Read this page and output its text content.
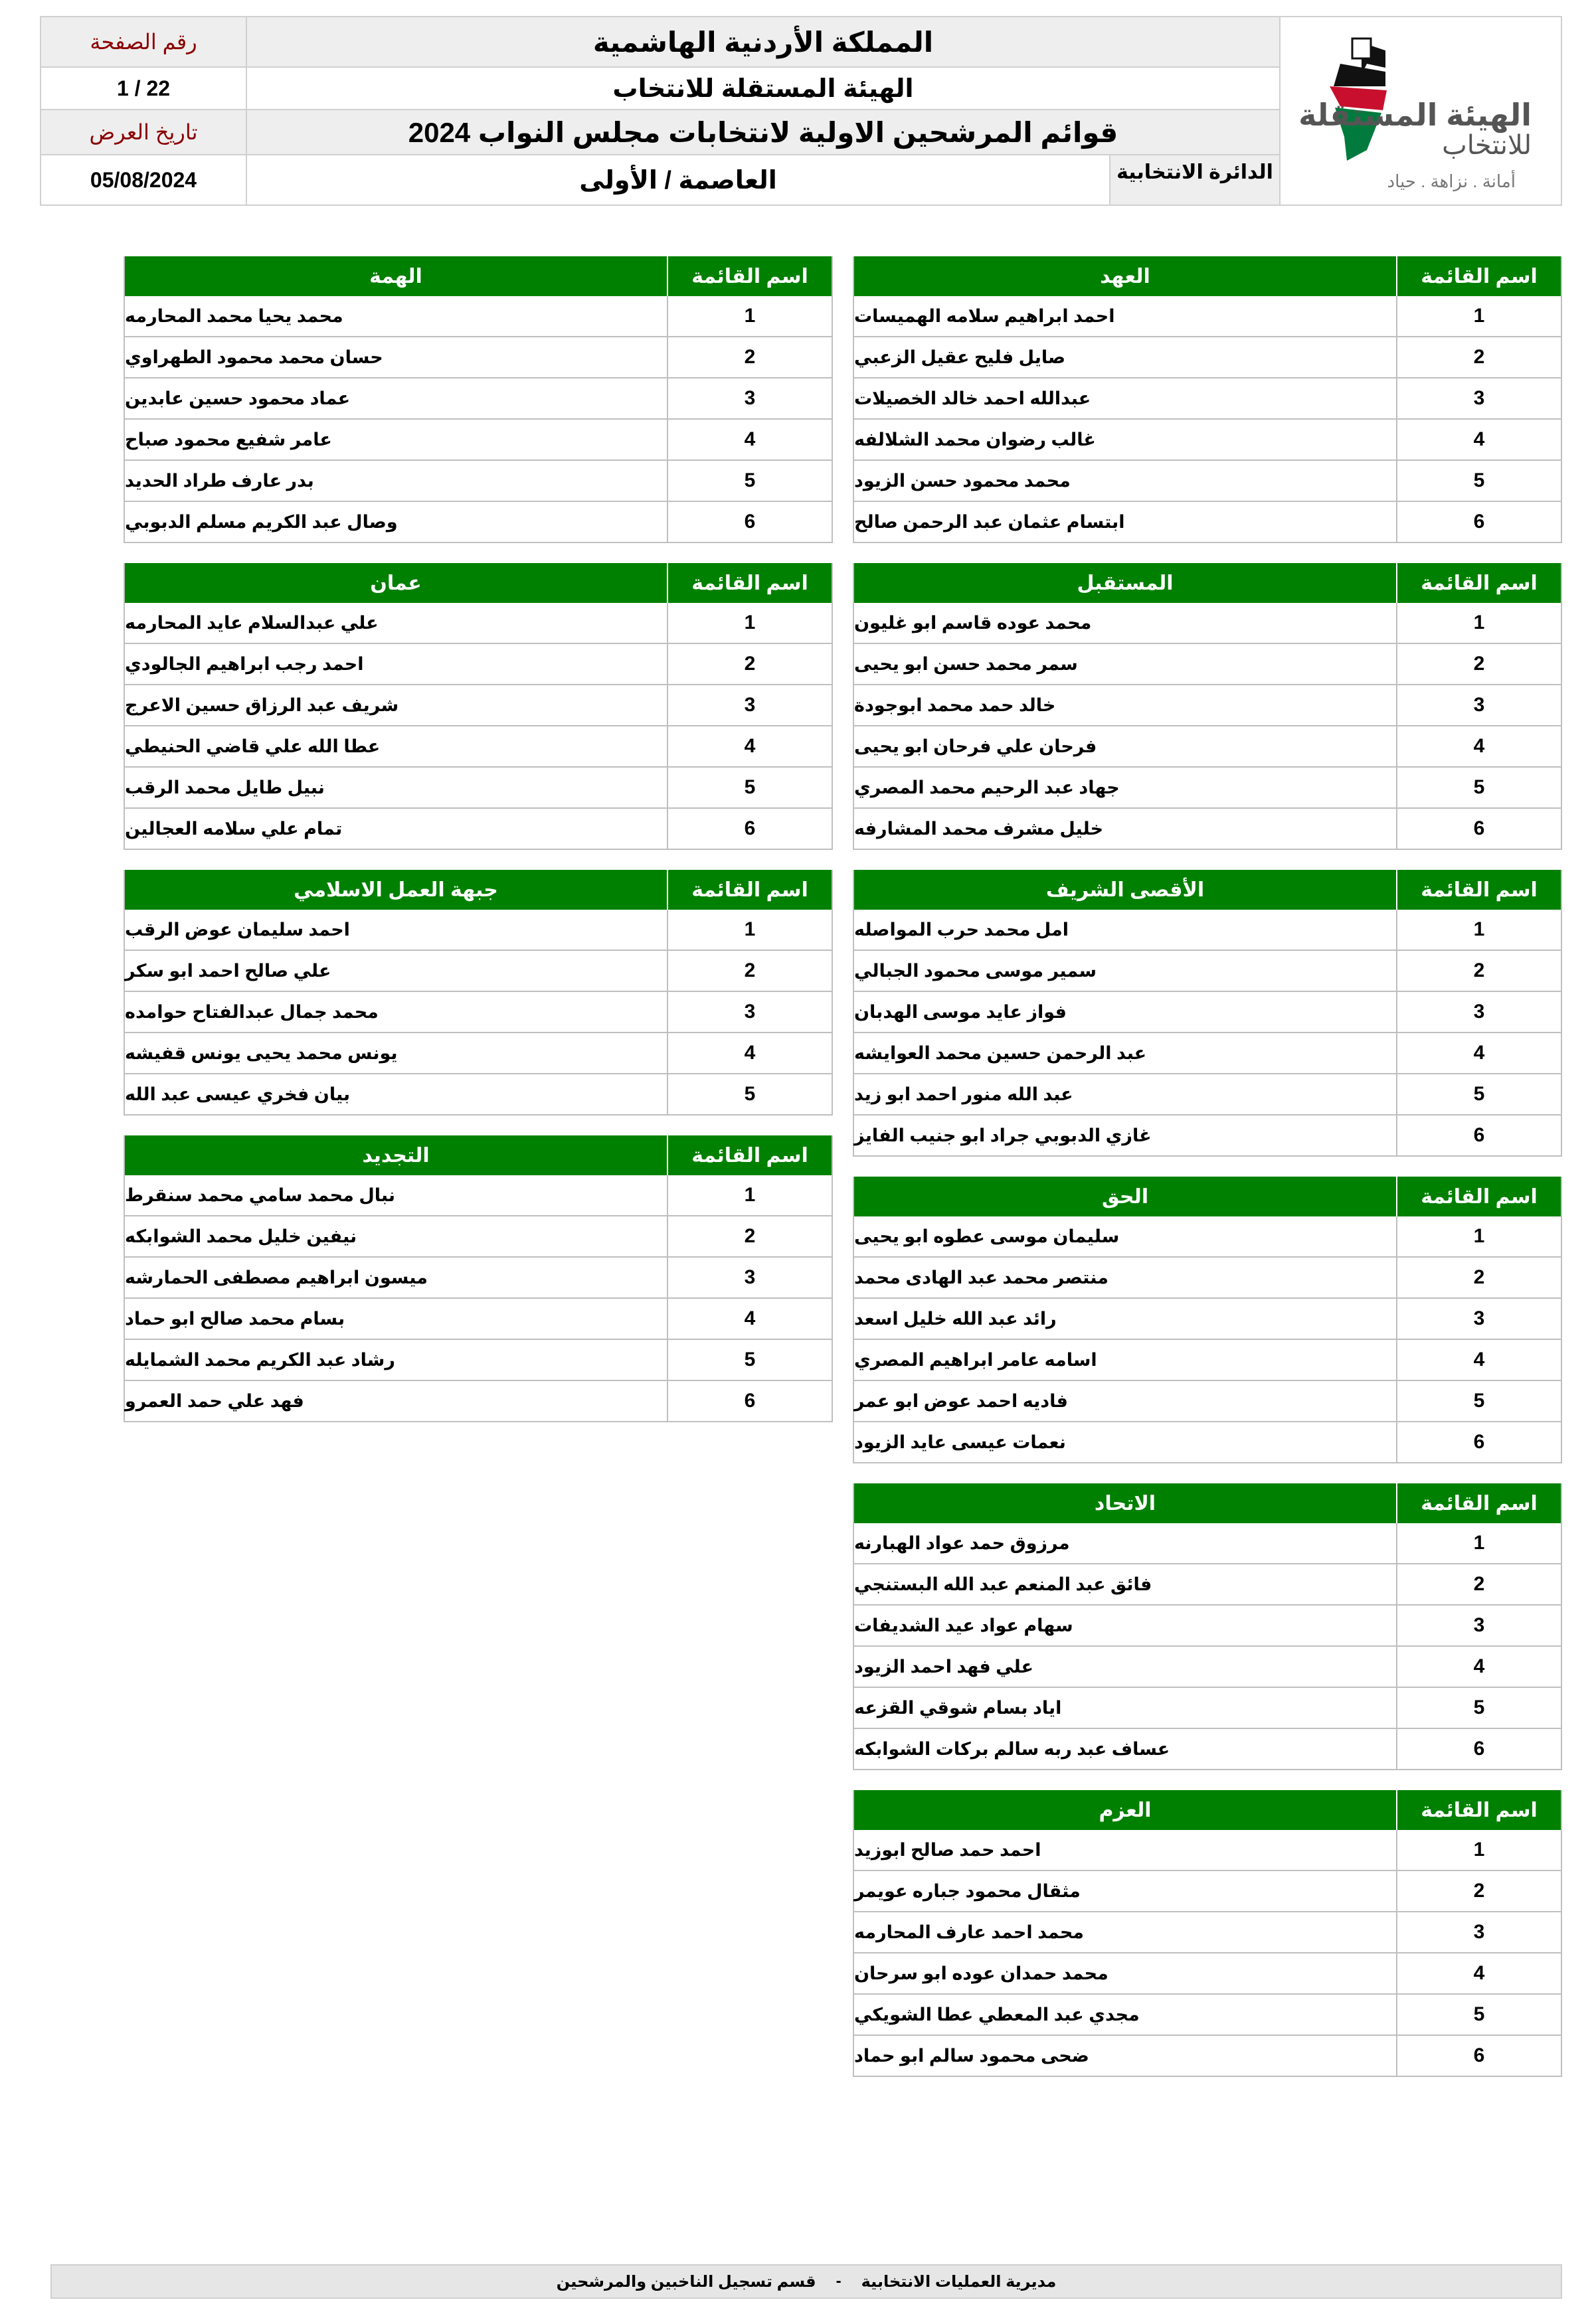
رقم الصفحة
1 / 22
تاريخ العرض
05/08/2024
المملكة الأردنية الهاشمية
الهيئة المستقلة للانتخاب
قوائم المرشحين الاولية لانتخابات مجلس النواب 2024
العاصمة / الأولى	الدائرة الانتخابية
الهيئة المستقلة
للانتخاب
أمانة . نزاهة . حياد
العهد	اسم القائمة
احمد ابراهيم سلامه الهميسات	1
صايل فليح عقيل الزعبي	2
عبدالله احمد خالد الخصيلات	3
غالب رضوان محمد الشلالفه	4
محمد محمود حسن الزيود	5
ابتسام عثمان عبد الرحمن صالح	6
المستقبل	اسم القائمة
محمد عوده قاسم ابو غليون	1
سمر محمد حسن ابو يحيى	2
خالد حمد محمد ابوجودة	3
فرحان علي فرحان ابو يحيى	4
جهاد عبد الرحيم محمد المصري	5
خليل مشرف محمد المشارفه	6
الأقصى الشريف	اسم القائمة
امل محمد حرب المواصله	1
سمير موسى محمود الجبالي	2
فواز عايد موسى الهدبان	3
عبد الرحمن حسين محمد العوايشه	4
عبد الله منور احمد ابو زيد	5
غازي الدبوبي جراد ابو جنيب الفايز	6
الحق	اسم القائمة
سليمان موسى عطوه ابو يحيى	1
منتصر محمد عبد الهادى محمد	2
رائد عبد الله خليل اسعد	3
اسامه عامر ابراهيم المصري	4
فاديه احمد عوض ابو عمر	5
نعمات عيسى عايد الزيود	6
الاتحاد	اسم القائمة
مرزوق حمد عواد الهبارنه	1
فائق عبد المنعم عبد الله البستنجي	2
سهام عواد عيد الشديفات	3
علي فهد احمد الزيود	4
اياد بسام شوقي القزعه	5
عساف عبد ربه سالم بركات الشوابكه	6
العزم	اسم القائمة
احمد حمد صالح ابوزيد	1
مثقال محمود جباره عويمر	2
محمد احمد عارف المحارمه	3
محمد حمدان عوده ابو سرحان	4
مجدي عبد المعطي عطا الشويكي	5
ضحى محمود سالم ابو حماد	6
الهمة	اسم القائمة
محمد يحيا محمد المحارمه	1
حسان محمد محمود الطهراوي	2
عماد محمود حسين عابدين	3
عامر شفيع محمود صباح	4
بدر عارف طراد الحديد	5
وصال عبد الكريم مسلم الدبوبي	6
عمان	اسم القائمة
علي عبدالسلام عايد المحارمه	1
احمد رجب ابراهيم الجالودي	2
شريف عبد الرزاق حسين الاعرج	3
عطا الله علي قاضي الحنيطي	4
نبيل طايل محمد الرقب	5
تمام علي سلامه العجالين	6
جبهة العمل الاسلامي	اسم القائمة
احمد سليمان عوض الرقب	1
علي صالح احمد ابو سكر	2
محمد جمال عبدالفتاح حوامده	3
يونس محمد يحيى يونس قفيشه	4
بيان فخري عيسى عبد الله	5
التجديد	اسم القائمة
نبال محمد سامي محمد سنقرط	1
نيفين خليل محمد الشوابكه	2
ميسون ابراهيم مصطفى الحمارشه	3
بسام محمد صالح ابو حماد	4
رشاد عبد الكريم محمد الشمايله	5
فهد علي حمد العمرو	6
مديرية العمليات الانتخابية
-
قسم تسجيل الناخبين والمرشحين
